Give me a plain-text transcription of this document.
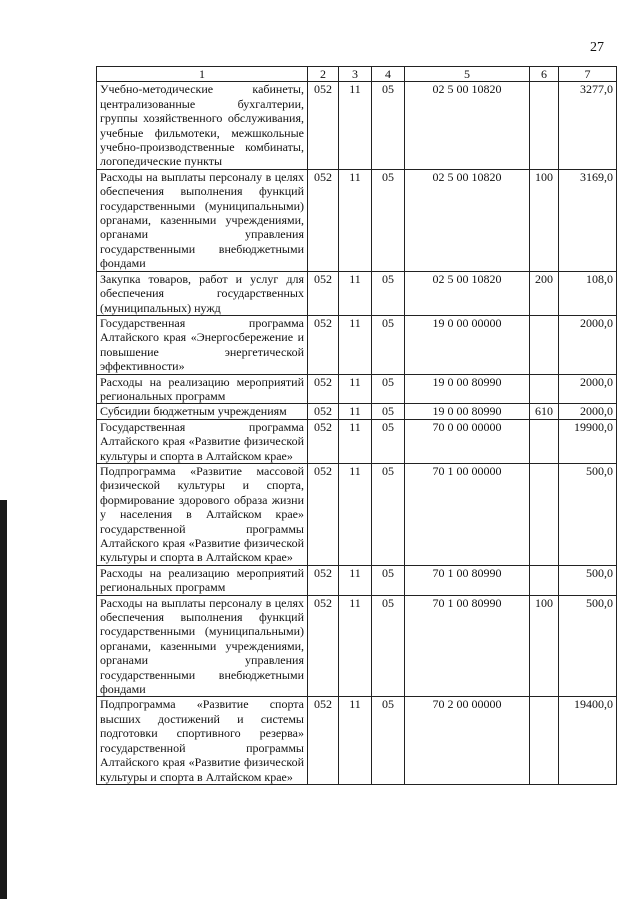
27
1	2	3	4	5	6	7
Учебно-методические кабинеты, централизованные бухгалтерии, группы хозяйственного обслуживания, учебные фильмотеки, межшкольные учебно-производственные комбинаты, логопедические пункты	052	11	05	02 5 00 10820		3277,0
Расходы на выплаты персоналу в целях обеспечения выполнения функций государственными (муниципальными) органами, казенными учреждениями, органами управления государственными внебюджетными фондами	052	11	05	02 5 00 10820	100	3169,0
Закупка товаров, работ и услуг для обеспечения государственных (муниципальных) нужд	052	11	05	02 5 00 10820	200	108,0
Государственная программа Алтайского края «Энергосбережение и повышение энергетической эффективности»	052	11	05	19 0 00 00000		2000,0
Расходы на реализацию мероприятий региональных программ	052	11	05	19 0 00 80990		2000,0
Субсидии бюджетным учреждениям	052	11	05	19 0 00 80990	610	2000,0
Государственная программа Алтайского края «Развитие физической культуры и спорта в Алтайском крае»	052	11	05	70 0 00 00000		19900,0
Подпрограмма «Развитие массовой физической культуры и спорта, формирование здорового образа жизни у населения в Алтайском крае» государственной программы Алтайского края «Развитие физической культуры и спорта в Алтайском крае»	052	11	05	70 1 00 00000		500,0
Расходы на реализацию мероприятий региональных программ	052	11	05	70 1 00 80990		500,0
Расходы на выплаты персоналу в целях обеспечения выполнения функций государственными (муниципальными) органами, казенными учреждениями, органами управления государственными внебюджетными фондами	052	11	05	70 1 00 80990	100	500,0
Подпрограмма «Развитие спорта высших достижений и системы подготовки спортивного резерва» государственной программы Алтайского края «Развитие физической культуры и спорта в Алтайском крае»	052	11	05	70 2 00 00000		19400,0
